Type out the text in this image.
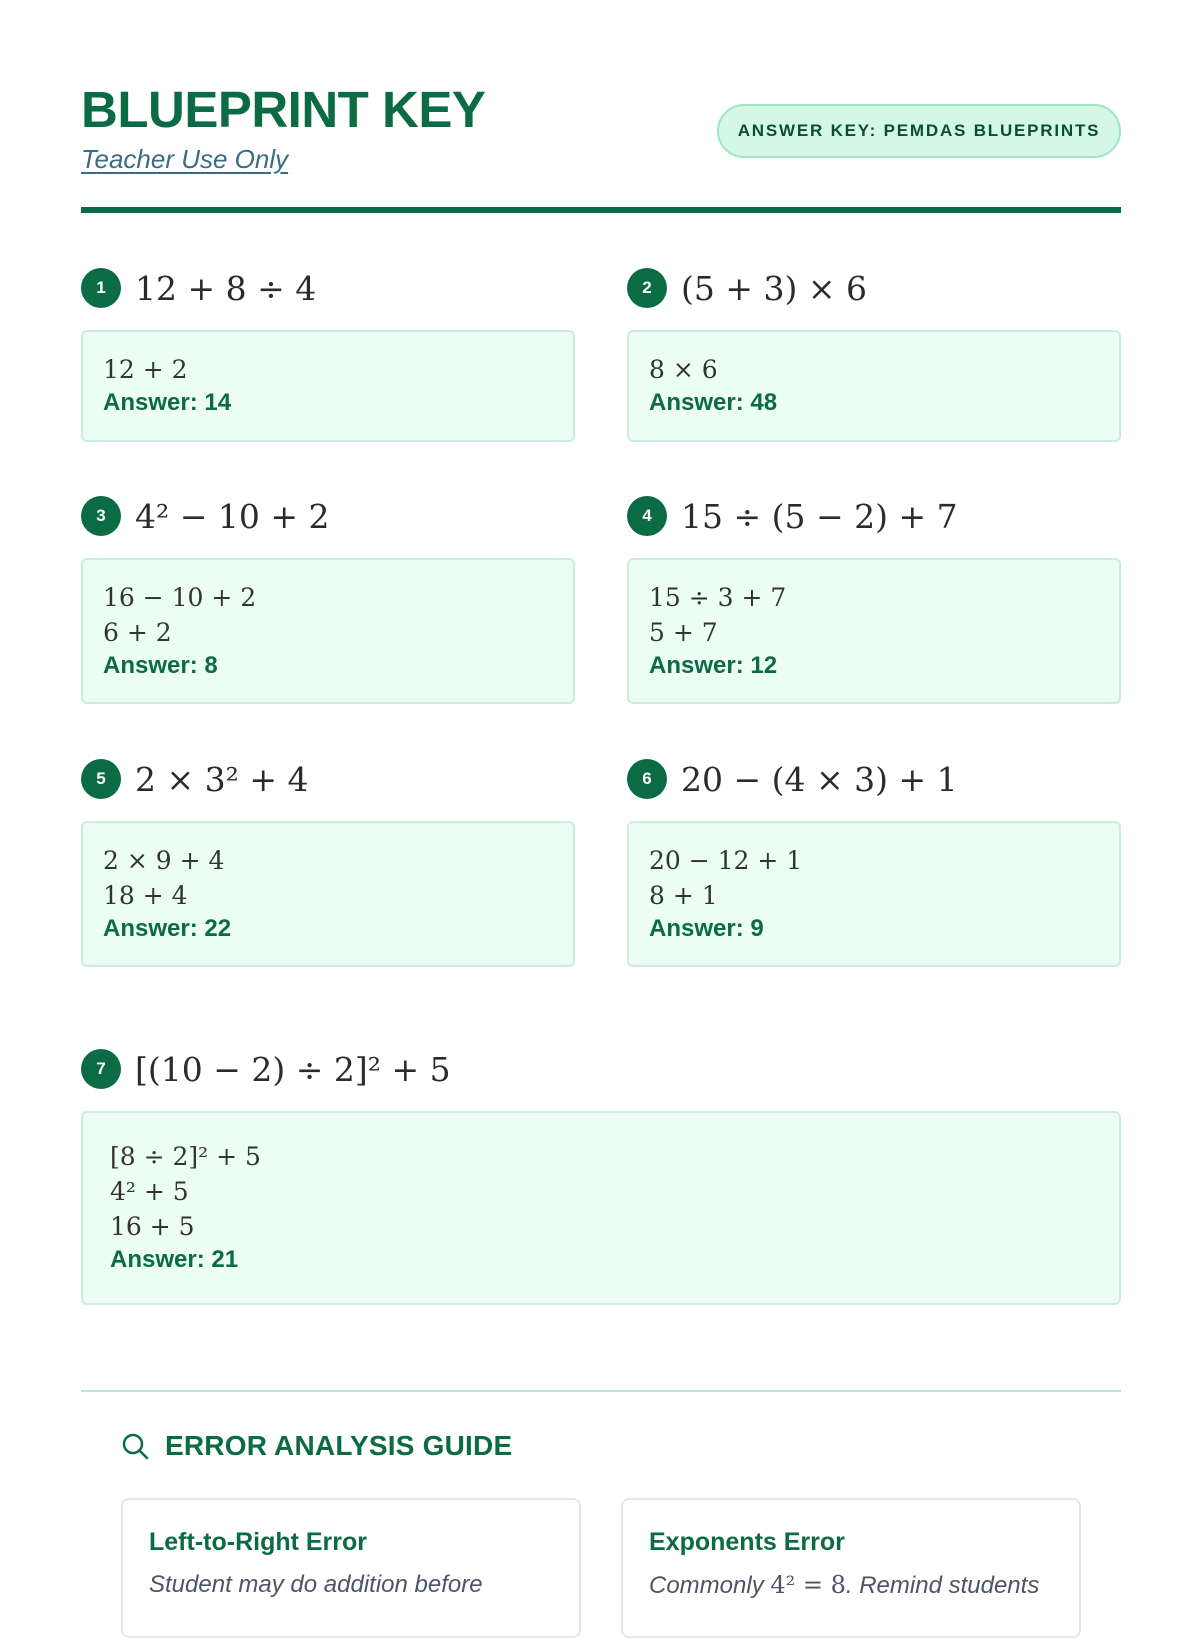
BLUEPRINT KEY
Teacher Use Only
ANSWER KEY: PEMDAS BLUEPRINTS
1 12 + 8 ÷ 4
12 + 2
Answer: 14
2 (5 + 3) × 6
8 × 6
Answer: 48
3 4² − 10 + 2
16 − 10 + 2
6 + 2
Answer: 8
4 15 ÷ (5 − 2) + 7
15 ÷ 3 + 7
5 + 7
Answer: 12
5 2 × 3² + 4
2 × 9 + 4
18 + 4
Answer: 22
6 20 − (4 × 3) + 1
20 − 12 + 1
8 + 1
Answer: 9
7 [(10 − 2) ÷ 2]² + 5
[8 ÷ 2]² + 5
4² + 5
16 + 5
Answer: 21
ERROR ANALYSIS GUIDE
Left-to-Right Error
Student may do addition before
Exponents Error
Commonly 4² = 8. Remind students
